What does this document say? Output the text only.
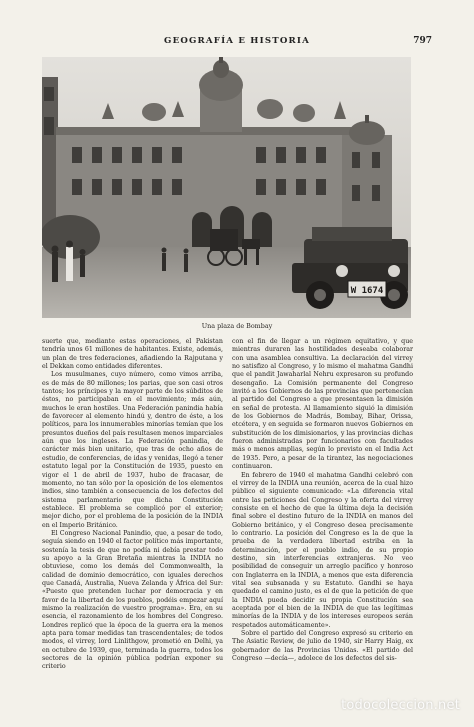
GEOGRAFÍA E HISTORIA	797
W 1674
Una plaza de Bombay

suerte que, mediante estas operaciones, el Pakistan tendría unos 61 millones de habitantes. Existe, además, un plan de tres federaciones, añadiendo la Rajputana y el Dekkan como entidades diferentes.

Los musulmanes, cuyo número, como vimos arriba, es de más de 80 millones; los parias, que son casi otros tantos; los príncipes y la mayor parte de los súbditos de éstos, no participaban en el movimiento; más aún, muchos le eran hostiles. Una Federación panindia había de favorecer al elemento hindú y, dentro de éste, a los políticos, para los innumerables minorías temían que los presuntos dueños del país resultasen menos imparciales aún que los ingleses. La Federación panindia, de carácter más bien unitario, que tras de ocho años de estudio, de conferencias, de idas y venidas, llegó a tener estatuto legal por la Constitución de 1935, puesto en vigor el 1 de abril de 1937, hubo de fracasar, de momento, no tan sólo por la oposición de los elementos indios, sino también a consecuencia de los defectos del sistema parlamentario que dicha Constitución establece. El problema se complicó por el exterior; mejor dicho, por el problema de la posición de la INDIA en el Imperio Británico.

El Congreso Nacional Panindio, que, a pesar de todo, seguía siendo en 1940 el factor político más importante, sostenía la tesis de que no podía ni debía prestar todo su apoyo a la Gran Bretaña mientras la INDIA no obtuviese, como los demás del Commonwealth, la calidad de dominio democrático, con iguales derechos que Canadá, Australia, Nueva Zelanda y África del Sur: «Puesto que pretenden luchar por democracia y en favor de la libertad de los pueblos, podéis empezar aquí mismo la realización de vuestro programa». Era, en su esencia, el razonamiento de los hombres del Congreso. Londres replicó que la época de la guerra era la menos apta para tomar medidas tan trascendentales; de todos modos, el virrey, lord Linlithgow, prometió en Delhi, ya en octubre de 1939, que, terminada la guerra, todos los sectores de la opinión pública podrían exponer su criterio

con el fin de llegar a un régimen equitativo, y que mientras duraren las hostilidades deseaba colaborar con una asamblea consultiva. La declaración del virrey no satisfizo al Congreso, y lo mismo el mahatma Gandhi que el pandit Jawaharlal Nehru expresaron su profundo desengaño. La Comisión permanente del Congreso invitó a los Gobiernos de las provincias que pertenecían al partido del Congreso a que presentasen la dimisión en señal de protesta. Al llamamiento siguió la dimisión de los Gobiernos de Madrás, Bombay, Bihar, Orissa, etcétera, y en seguida se formaron nuevos Gobiernos en substitución de los dimisionarios, y las provincias dichas fueron administradas por funcionarios con facultades más o menos amplias, según lo previsto en el India Act de 1935. Pero, a pesar de la tirantez, las negociaciones continuaron.

En febrero de 1940 el mahatma Gandhi celebró con el virrey de la INDIA una reunión, acerca de la cual hizo público el siguiente comunicado: «La diferencia vital entre las peticiones del Congreso y la oferta del virrey consiste en el hecho de que la última deja la decisión final sobre el destino futuro de la INDIA en manos del Gobierno británico, y el Congreso desea precisamente lo contrario. La posición del Congreso es la de que la prueba de la verdadera libertad estriba en la determinación, por el pueblo indio, de su propio destino, sin interferencias extranjeras. No veo posibilidad de conseguir un arreglo pacífico y honroso con Inglaterra en la INDIA, a menos que esta diferencia vital sea subsanada y su Estatuto. Gandhi se haya quedado el camino justo, es el de que la petición de que la INDIA pueda decidir su propia Constitución sea aceptada por el bien de la INDIA de que las legítimas minorías de la INDIA y de los intereses europeos serán respetados automáticamente».

Sobre el partido del Congreso expresó su criterio en The Asiatic Review, de julio de 1940, sir Harry Haig, ex gobernador de las Provincias Unidas. «El partido del Congreso —decía—, adolece de los defectos del sis-

todocoleccion.net
